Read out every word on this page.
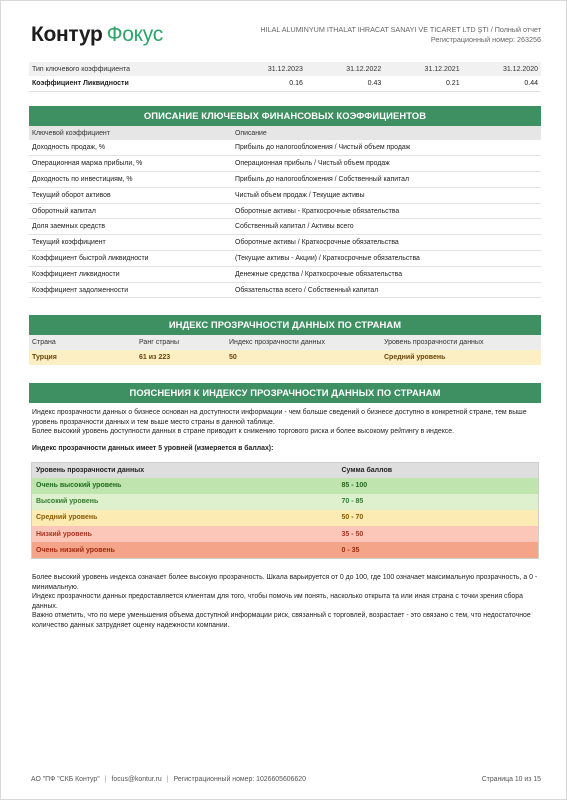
Контур Фокус	HILAL ALUMINYUM ITHALAT IHRACAT SANAYI VE TICARET LTD ŞTI / Полный отчет
Регистрационный номер: 263256
Тип ключевого коэффициента	31.12.2023	31.12.2022	31.12.2021	31.12.2020
Коэффициент Ликвидности	0.16	0.43	0.21	0.44
ОПИСАНИЕ КЛЮЧЕВЫХ ФИНАНСОВЫХ КОЭФФИЦИЕНТОВ
Ключевой коэффициент	Описание
Доходность продаж, %	Прибыль до налогообложения / Чистый объем продаж
Операционная маржа прибыли, %	Операционная прибыль / Чистый объем продаж
Доходность по инвестициям, %	Прибыль до налогообложения / Собственный капитал
Текущий оборот активов	Чистый объем продаж / Текущие активы
Оборотный капитал	Оборотные активы - Краткосрочные обязательства
Доля заемных средств	Собственный капитал / Активы всего
Текущий коэффициент	Оборотные активы / Краткосрочные обязательства
Коэффициент быстрой ликвидности	(Текущие активы - Акции) / Краткосрочные обязательства
Коэффициент ликвидности	Денежные средства / Краткосрочные обязательства
Коэффициент задолженности	Обязательства всего / Собственный капитал
ИНДЕКС ПРОЗРАЧНОСТИ ДАННЫХ ПО СТРАНАМ
Страна	Ранг страны	Индекс прозрачности данных	Уровень прозрачности данных
Турция	61 из 223	50	Средний уровень
ПОЯСНЕНИЯ К ИНДЕКСУ ПРОЗРАЧНОСТИ ДАННЫХ ПО СТРАНАМ
Индекс прозрачности данных о бизнесе основан на доступности информации - чем больше сведений о бизнесе доступно в конкретной стране, тем выше уровень прозрачности данных и тем выше место страны в данной таблице.
Более высокий уровень доступности данных в стране приводит к снижению торгового риска и более высокому рейтингу в индексе.
Индекс прозрачности данных имеет 5 уровней (измеряется в баллах):
Уровень прозрачности данных	Сумма баллов
Очень высокий уровень	85 - 100
Высокий уровень	70 - 85
Средний уровень	50 - 70
Низкий уровень	35 - 50
Очень низкий уровень	0 - 35
Более высокий уровень индекса означает более высокую прозрачность. Шкала варьируется от 0 до 100, где 100 означает максимальную прозрачность, а 0 - минимальную.
Индекс прозрачности данных предоставляется клиентам для того, чтобы помочь им понять, насколько открыта та или иная страна с точки зрения сбора данных.
Важно отметить, что по мере уменьшения объема доступной информации риск, связанный с торговлей, возрастает - это связано с тем, что недостаточное количество данных затрудняет оценку надежности компании.
АО "ПФ "СКБ Контур" | focus@kontur.ru | Регистрационный номер: 1026605606620	Страница 10 из 15
